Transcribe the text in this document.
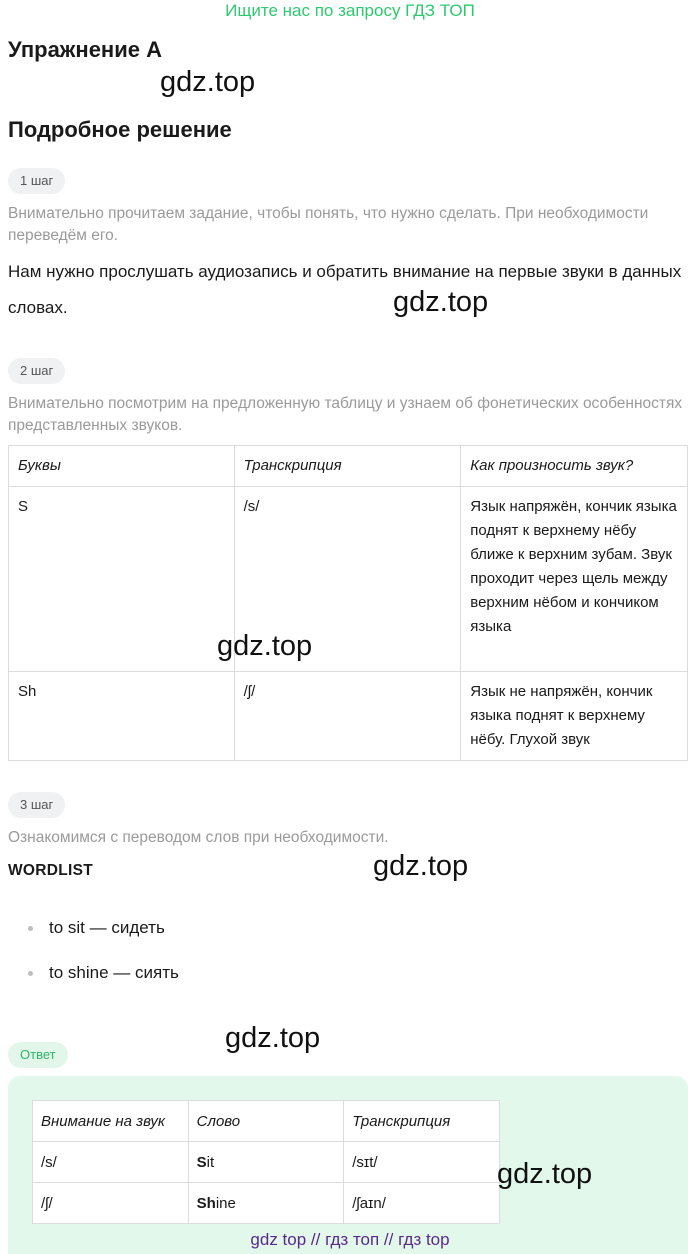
Ищите нас по запросу ГДЗ ТОП
Упражнение A
gdz.top
Подробное решение
1 шаг
Внимательно прочитаем задание, чтобы понять, что нужно сделать. При необходимости переведём его.
Нам нужно прослушать аудиозапись и обратить внимание на первые звуки в данных словах.	gdz.top
2 шаг
Внимательно посмотрим на предложенную таблицу и узнаем об фонетических особенностях представленных звуков.
Буквы	Транскрипция	Как произносить звук?
S	/s/	Язык напряжён, кончик языка поднят к верхнему нёбу ближе к верхним зубам. Звук проходит через щель между верхним нёбом и кончиком языка
Sh	/ʃ/	Язык не напряжён, кончик языка поднят к верхнему нёбу. Глухой звук
gdz.top
3 шаг
Ознакомимся с переводом слов при необходимости.
WORDLIST	gdz.top
to sit — сидеть
to shine — сиять
gdz.top
Ответ
Внимание на звук	Слово	Транскрипция
/s/	Sit	/sɪt/
/ʃ/	Shine	/ʃaɪn/
gdz.top
gdz top // гдз топ // гдз top
